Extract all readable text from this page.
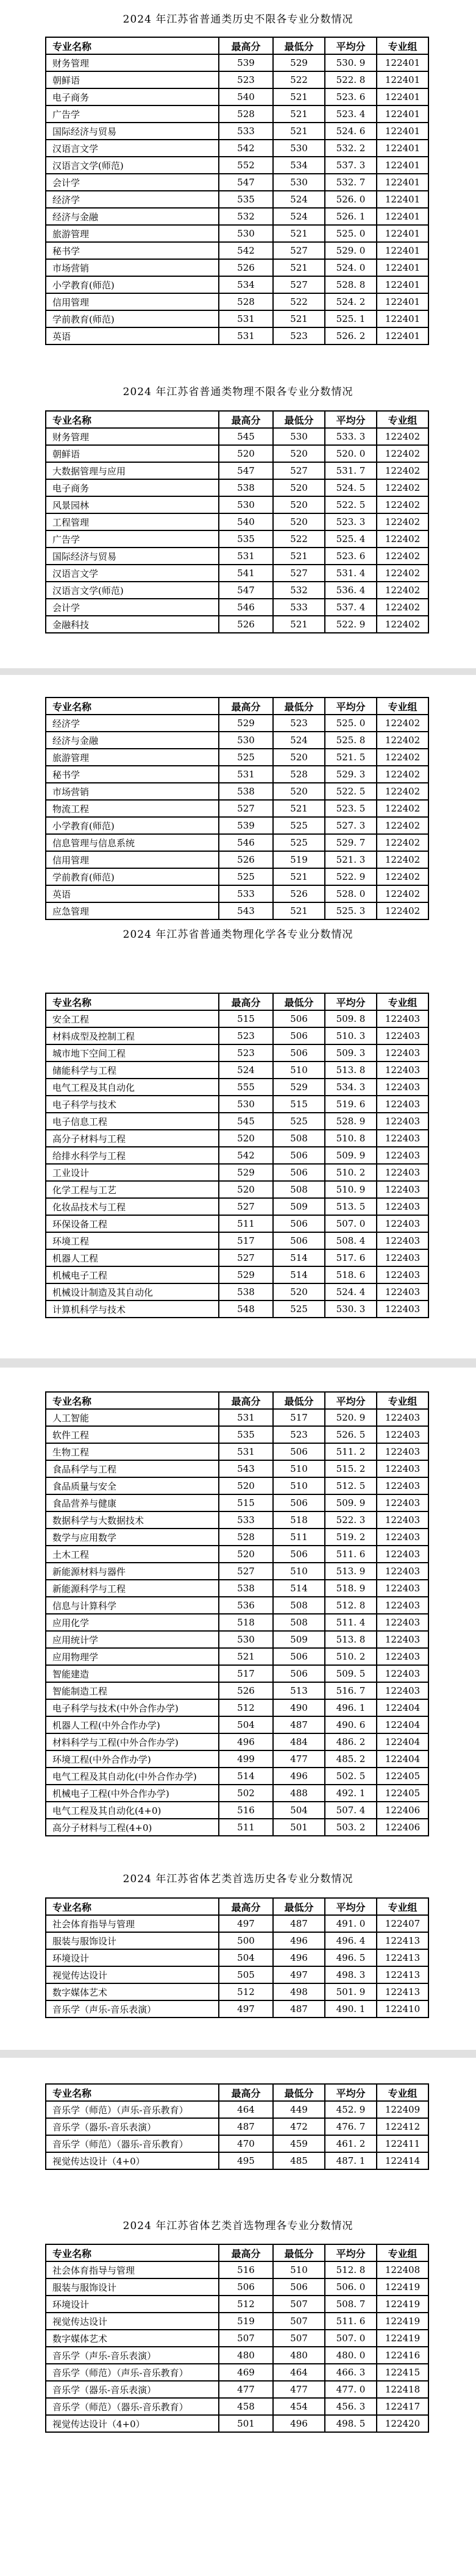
2024 年江苏省普通类历史不限各专业分数情况
专业名称	最高分	最低分	平均分	专业组
财务管理	539	529	530. 9	122401
朝鲜语	523	522	522. 8	122401
电子商务	540	521	523. 6	122401
广告学	528	521	523. 4	122401
国际经济与贸易	533	521	524. 6	122401
汉语言文学	542	530	532. 2	122401
汉语言文学(师范)	552	534	537. 3	122401
会计学	547	530	532. 7	122401
经济学	535	524	526. 0	122401
经济与金融	532	524	526. 1	122401
旅游管理	530	521	525. 0	122401
秘书学	542	527	529. 0	122401
市场营销	526	521	524. 0	122401
小学教育(师范)	534	527	528. 8	122401
信用管理	528	522	524. 2	122401
学前教育(师范)	531	521	525. 1	122401
英语	531	523	526. 2	122401
2024 年江苏省普通类物理不限各专业分数情况
专业名称	最高分	最低分	平均分	专业组
财务管理	545	530	533. 3	122402
朝鲜语	520	520	520. 0	122402
大数据管理与应用	547	527	531. 7	122402
电子商务	538	520	524. 5	122402
风景园林	530	520	522. 5	122402
工程管理	540	520	523. 3	122402
广告学	535	522	525. 4	122402
国际经济与贸易	531	521	523. 6	122402
汉语言文学	541	527	531. 4	122402
汉语言文学(师范)	547	532	536. 4	122402
会计学	546	533	537. 4	122402
金融科技	526	521	522. 9	122402
专业名称	最高分	最低分	平均分	专业组
经济学	529	523	525. 0	122402
经济与金融	530	524	525. 8	122402
旅游管理	525	520	521. 5	122402
秘书学	531	528	529. 3	122402
市场营销	538	520	522. 5	122402
物流工程	527	521	523. 5	122402
小学教育(师范)	539	525	527. 3	122402
信息管理与信息系统	546	525	529. 7	122402
信用管理	526	519	521. 3	122402
学前教育(师范)	525	521	522. 9	122402
英语	533	526	528. 0	122402
应急管理	543	521	525. 3	122402
2024 年江苏省普通类物理化学各专业分数情况
专业名称	最高分	最低分	平均分	专业组
安全工程	515	506	509. 8	122403
材料成型及控制工程	523	506	510. 3	122403
城市地下空间工程	523	506	509. 3	122403
储能科学与工程	524	510	513. 8	122403
电气工程及其自动化	555	529	534. 3	122403
电子科学与技术	530	515	519. 6	122403
电子信息工程	545	525	528. 9	122403
高分子材料与工程	520	508	510. 8	122403
给排水科学与工程	542	506	509. 9	122403
工业设计	529	506	510. 2	122403
化学工程与工艺	520	508	510. 9	122403
化妆品技术与工程	527	509	513. 5	122403
环保设备工程	511	506	507. 0	122403
环境工程	517	506	508. 4	122403
机器人工程	527	514	517. 6	122403
机械电子工程	529	514	518. 6	122403
机械设计制造及其自动化	538	520	524. 4	122403
计算机科学与技术	548	525	530. 3	122403
专业名称	最高分	最低分	平均分	专业组
人工智能	531	517	520. 9	122403
软件工程	535	523	526. 5	122403
生物工程	531	506	511. 2	122403
食品科学与工程	543	510	515. 2	122403
食品质量与安全	520	510	512. 5	122403
食品营养与健康	515	506	509. 9	122403
数据科学与大数据技术	533	518	522. 3	122403
数学与应用数学	528	511	519. 2	122403
土木工程	520	506	511. 6	122403
新能源材料与器件	527	510	513. 9	122403
新能源科学与工程	538	514	518. 9	122403
信息与计算科学	536	508	512. 8	122403
应用化学	518	508	511. 4	122403
应用统计学	530	509	513. 8	122403
应用物理学	521	506	510. 2	122403
智能建造	517	506	509. 5	122403
智能制造工程	526	513	516. 7	122403
电子科学与技术(中外合作办学)	512	490	496. 1	122404
机器人工程(中外合作办学)	504	487	490. 6	122404
材料科学与工程(中外合作办学)	496	484	486. 2	122404
环境工程(中外合作办学)	499	477	485. 2	122404
电气工程及其自动化(中外合作办学)	514	496	502. 5	122405
机械电子工程(中外合作办学)	502	488	492. 1	122405
电气工程及其自动化(4+0)	516	504	507. 4	122406
高分子材料与工程(4+0)	511	501	503. 2	122406
2024 年江苏省体艺类首选历史各专业分数情况
专业名称	最高分	最低分	平均分	专业组
社会体育指导与管理	497	487	491. 0	122407
服装与服饰设计	500	496	496. 4	122413
环境设计	504	496	496. 5	122413
视觉传达设计	505	497	498. 3	122413
数字媒体艺术	512	498	501. 9	122413
音乐学（声乐-音乐表演）	497	487	490. 1	122410
专业名称	最高分	最低分	平均分	专业组
音乐学（师范）（声乐-音乐教育）	464	449	452. 9	122409
音乐学（器乐-音乐表演）	487	472	476. 7	122412
音乐学（师范）（器乐-音乐教育）	470	459	461. 2	122411
视觉传达设计（4+0）	495	485	487. 1	122414
2024 年江苏省体艺类首选物理各专业分数情况
专业名称	最高分	最低分	平均分	专业组
社会体育指导与管理	516	510	512. 8	122408
服装与服饰设计	506	506	506. 0	122419
环境设计	512	507	508. 7	122419
视觉传达设计	519	507	511. 6	122419
数字媒体艺术	507	507	507. 0	122419
音乐学（声乐-音乐表演）	480	480	480. 0	122416
音乐学（师范）（声乐-音乐教育）	469	464	466. 3	122415
音乐学（器乐-音乐表演）	477	477	477. 0	122418
音乐学（师范）（器乐-音乐教育）	458	454	456. 3	122417
视觉传达设计（4+0）	501	496	498. 5	122420
